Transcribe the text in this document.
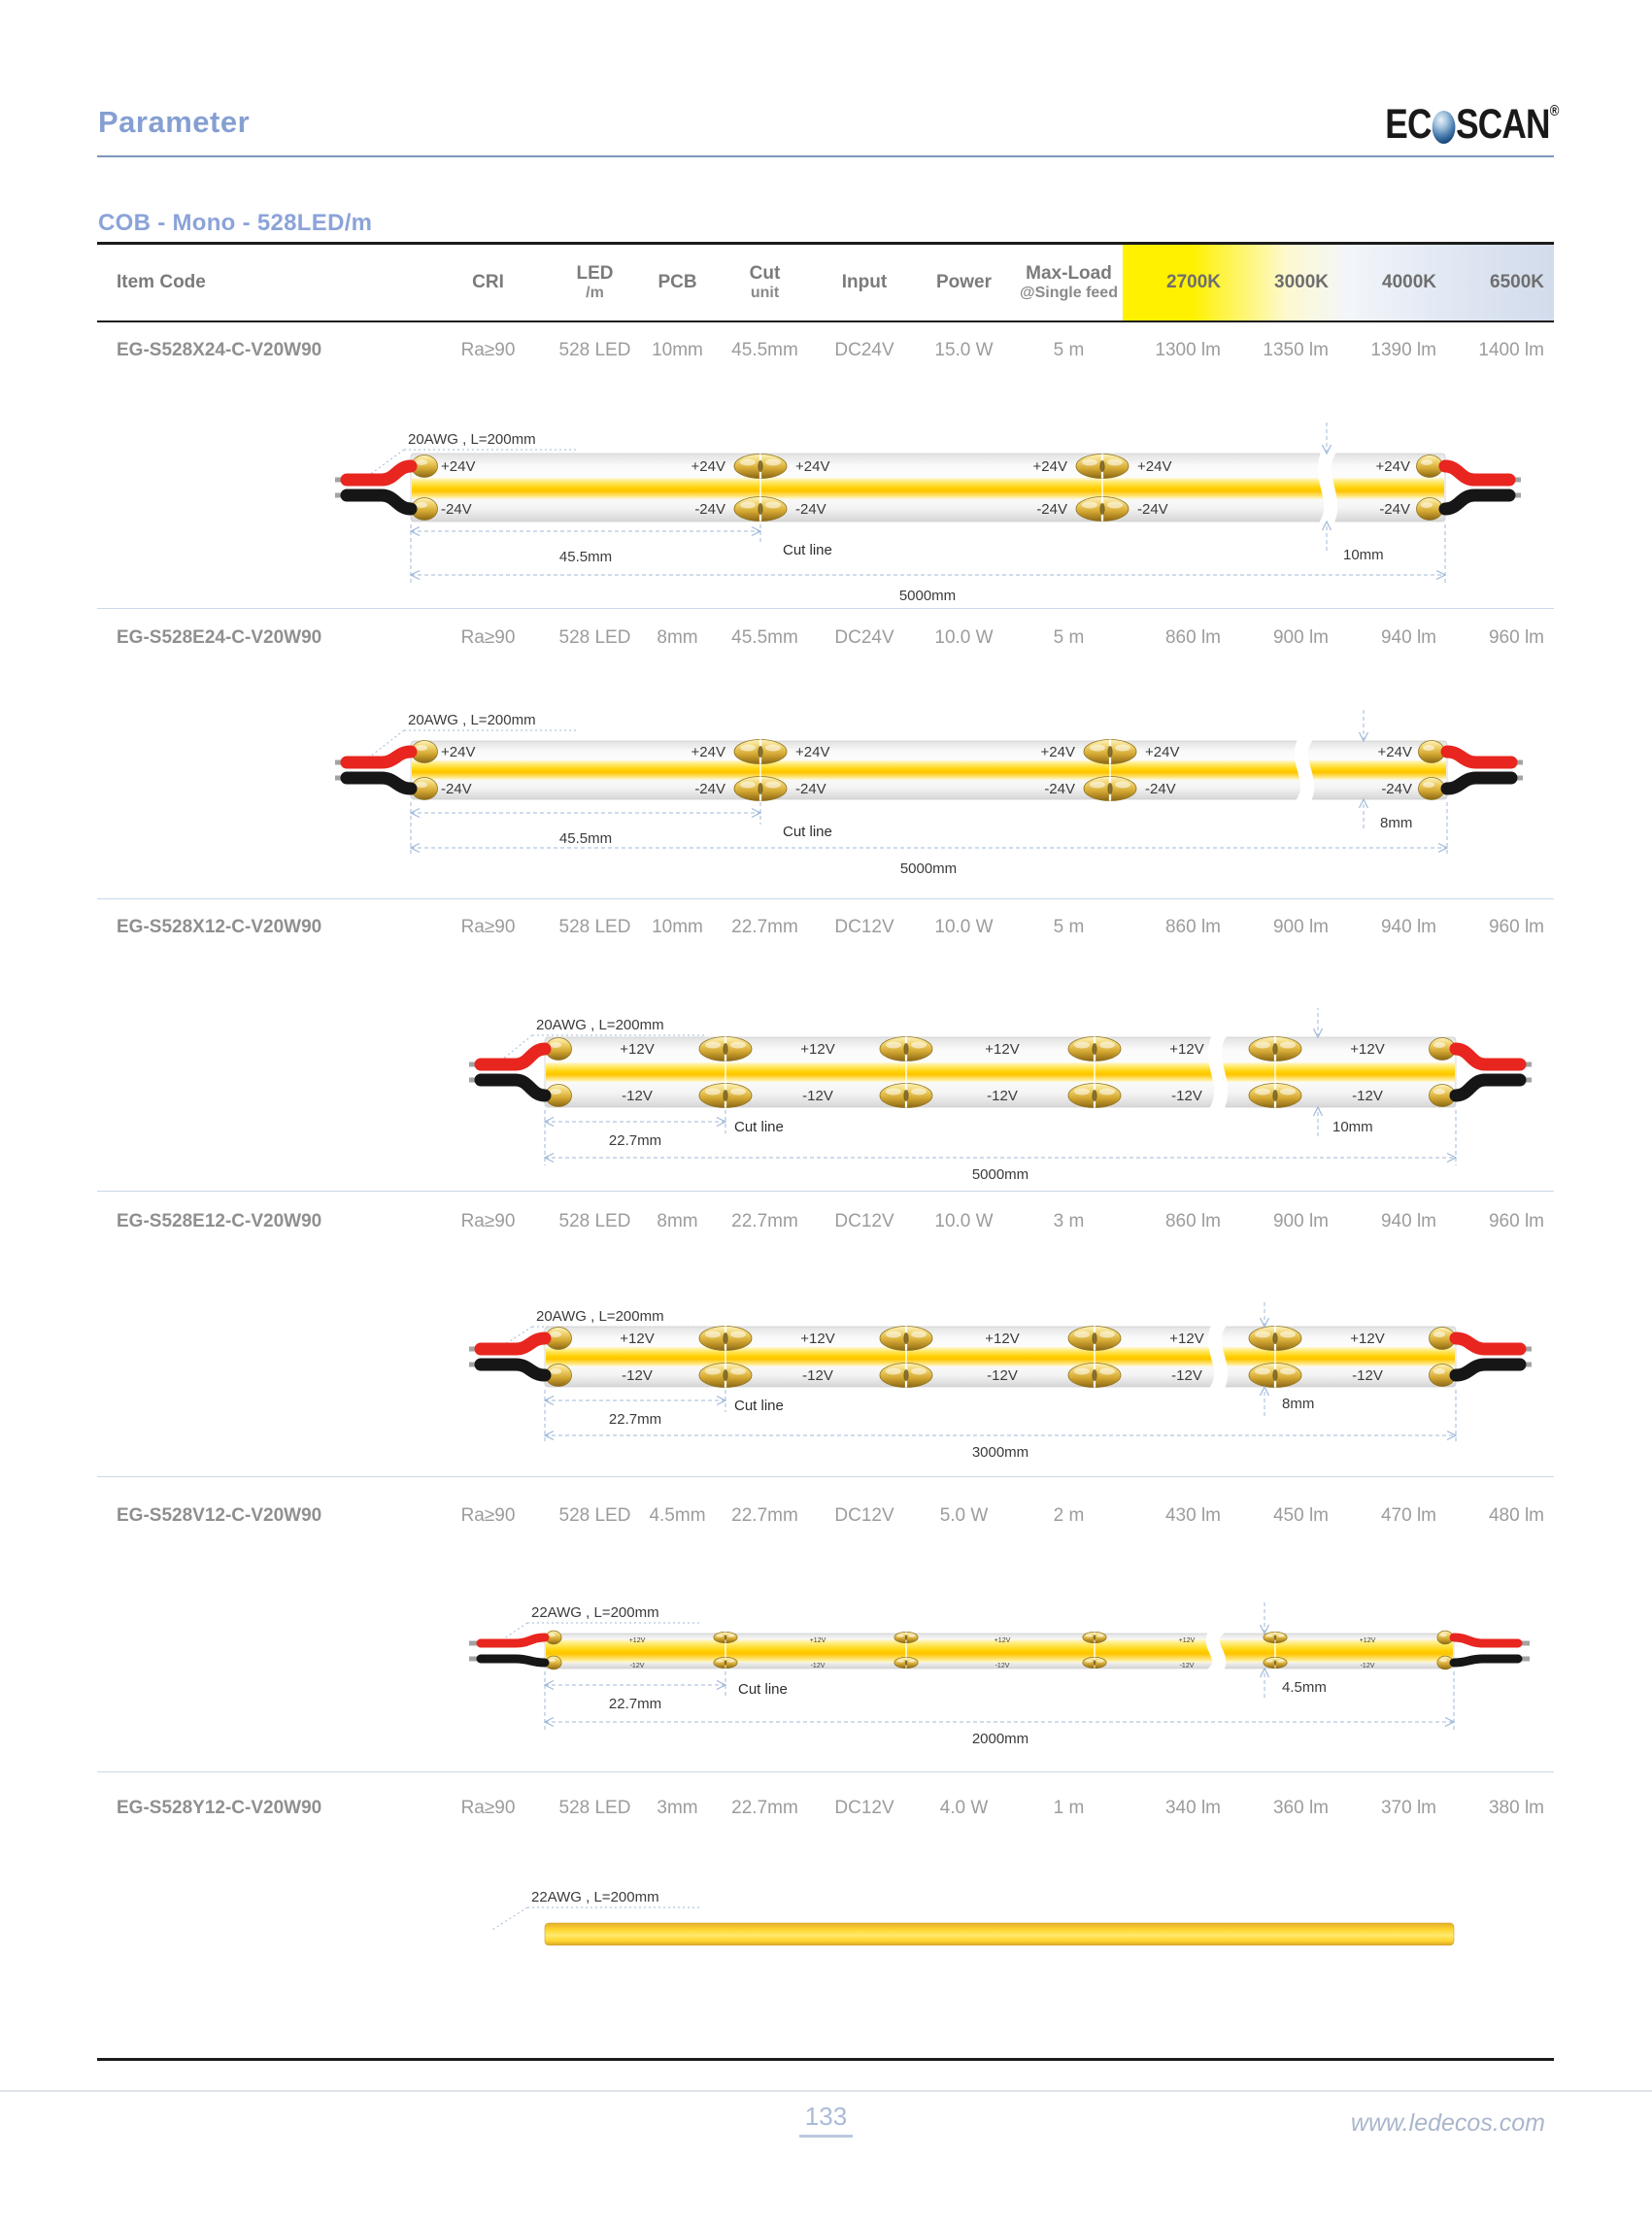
Parameter	EC SCAN ®
COB - Mono - 528LED/m
Item Code	CRI	LED
/m
PCB	Cut
unit
Input	Power	Max-Load
@Single feed
2700K	3000K	4000K	6500K
EG-S528X24-C-V20W90	Ra≥90	528 LED	10mm	45.5mm	DC24V	15.0 W	5 m	1300 lm	1350 lm	1390 lm	1400 lm
EG-S528E24-C-V20W90	Ra≥90	528 LED	8mm	45.5mm	DC24V	10.0 W	5 m	860 lm	900 lm	940 lm	960 lm
EG-S528X12-C-V20W90	Ra≥90	528 LED	10mm	22.7mm	DC12V	10.0 W	5 m	860 lm	900 lm	940 lm	960 lm
EG-S528E12-C-V20W90	Ra≥90	528 LED	8mm	22.7mm	DC12V	10.0 W	3 m	860 lm	900 lm	940 lm	960 lm
EG-S528V12-C-V20W90	Ra≥90	528 LED 4.5mm	22.7mm	DC12V	5.0 W	2 m	430 lm	450 lm	470 lm	480 lm
EG-S528Y12-C-V20W90	Ra≥90	528 LED	3mm	22.7mm	DC12V	4.0 W	1 m	340 lm	360 lm	370 lm	380 lm
20AWG , L=200mm
+24V
-24V
+24V	+24V
-24V	-24V
+24V	+24V
-24V	-24V
+24V
-24V
45.5mm	Cut line
5000mm
10mm
20AWG , L=200mm
+24V
-24V
+24V	+24V
-24V	-24V
+24V	+24V
-24V	-24V
+24V
-24V
45.5mm	Cut line
5000mm
8mm
20AWG , L=200mm
+12V
-12V
+12V
-12V
+12V
-12V
+12V
-12V
+12V
-12V
22.7mm
Cut line
5000mm
10mm
20AWG , L=200mm
+12V
-12V
+12V
-12V
+12V
-12V
+12V
-12V
+12V
-12V
22.7mm
Cut line
3000mm
8mm
22AWG , L=200mm
+12V
-12V
+12V
-12V
+12V
-12V
+12V
-12V
+12V
-12V
22.7mm
Cut line
2000mm
4.5mm
22AWG , L=200mm
133	www.ledecos.com
